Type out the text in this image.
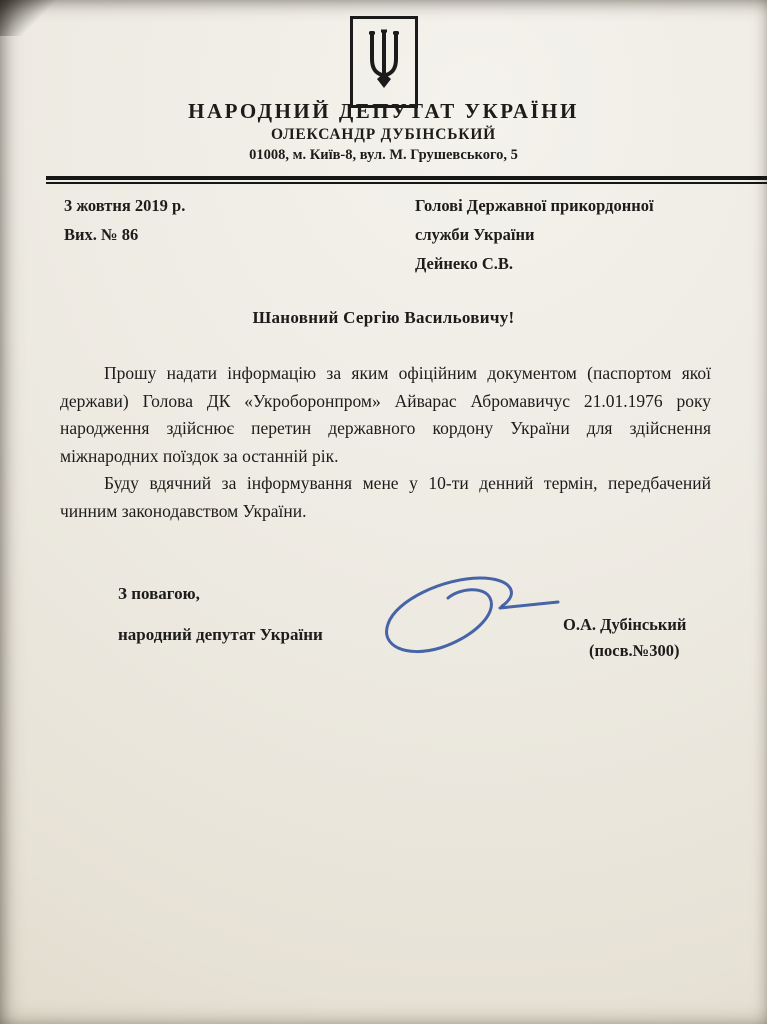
НАРОДНИЙ ДЕПУТАТ УКРАЇНИ
ОЛЕКСАНДР ДУБІНСЬКИЙ
01008, м. Київ-8, вул. М. Грушевського, 5
3 жовтня 2019 р.
Вих. № 86
Голові Державної прикордонної
служби України
Дейнеко С.В.
Шановний Сергію Васильовичу!

Прошу надати інформацію за яким офіційним документом (паспортом якої держави) Голова ДК «Укроборонпром» Айварас Абромавичус 21.01.1976 року народження здійснює перетин державного кордону України для здійснення міжнародних поїздок за останній рік.

Буду вдячний за інформування мене у 10-ти денний термін, передбачений чинним законодавством України.

З повагою,
народний депутат України
О.А. Дубінський
(посв.№300)
